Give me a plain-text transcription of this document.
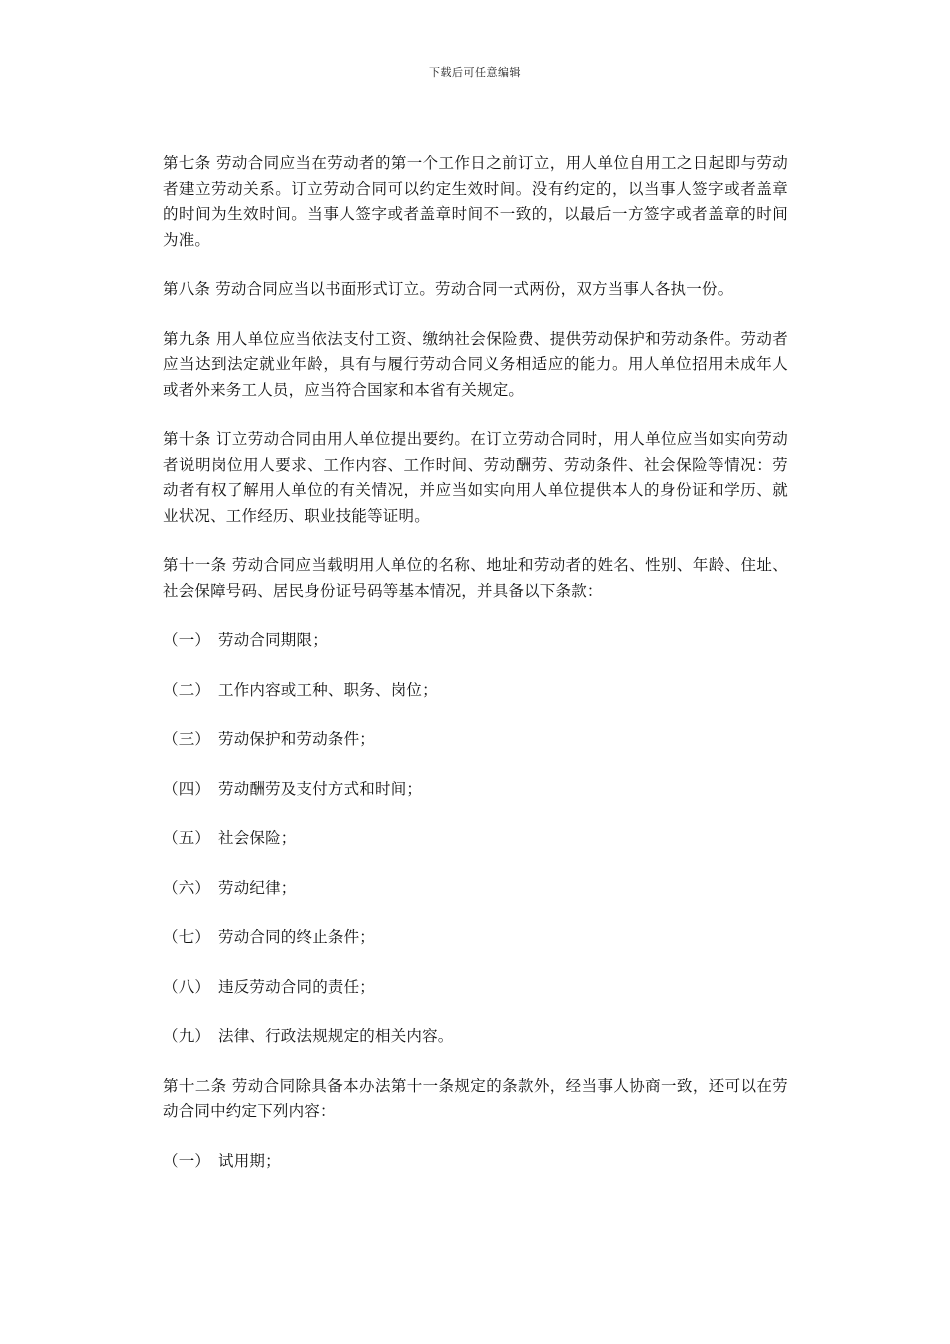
下载后可任意编辑

第七条 劳动合同应当在劳动者的第一个工作日之前订立，用人单位自用工之日起即与劳动者建立劳动关系。订立劳动合同可以约定生效时间。没有约定的，以当事人签字或者盖章的时间为生效时间。当事人签字或者盖章时间不一致的，以最后一方签字或者盖章的时间为准。

第八条 劳动合同应当以书面形式订立。劳动合同一式两份，双方当事人各执一份。

第九条 用人单位应当依法支付工资、缴纳社会保险费、提供劳动保护和劳动条件。劳动者应当达到法定就业年龄，具有与履行劳动合同义务相适应的能力。用人单位招用未成年人或者外来务工人员，应当符合国家和本省有关规定。

第十条 订立劳动合同由用人单位提出要约。在订立劳动合同时，用人单位应当如实向劳动者说明岗位用人要求、工作内容、工作时间、劳动酬劳、劳动条件、社会保险等情况：劳动者有权了解用人单位的有关情况，并应当如实向用人单位提供本人的身份证和学历、就业状况、工作经历、职业技能等证明。

第十一条 劳动合同应当载明用人单位的名称、地址和劳动者的姓名、性别、年龄、住址、社会保障号码、居民身份证号码等基本情况，并具备以下条款：

（一） 劳动合同期限；

（二） 工作内容或工种、职务、岗位；

（三） 劳动保护和劳动条件；

（四） 劳动酬劳及支付方式和时间；

（五） 社会保险；

（六） 劳动纪律；

（七） 劳动合同的终止条件；

（八） 违反劳动合同的责任；

（九） 法律、行政法规规定的相关内容。

第十二条 劳动合同除具备本办法第十一条规定的条款外，经当事人协商一致，还可以在劳动合同中约定下列内容：

（一） 试用期；
